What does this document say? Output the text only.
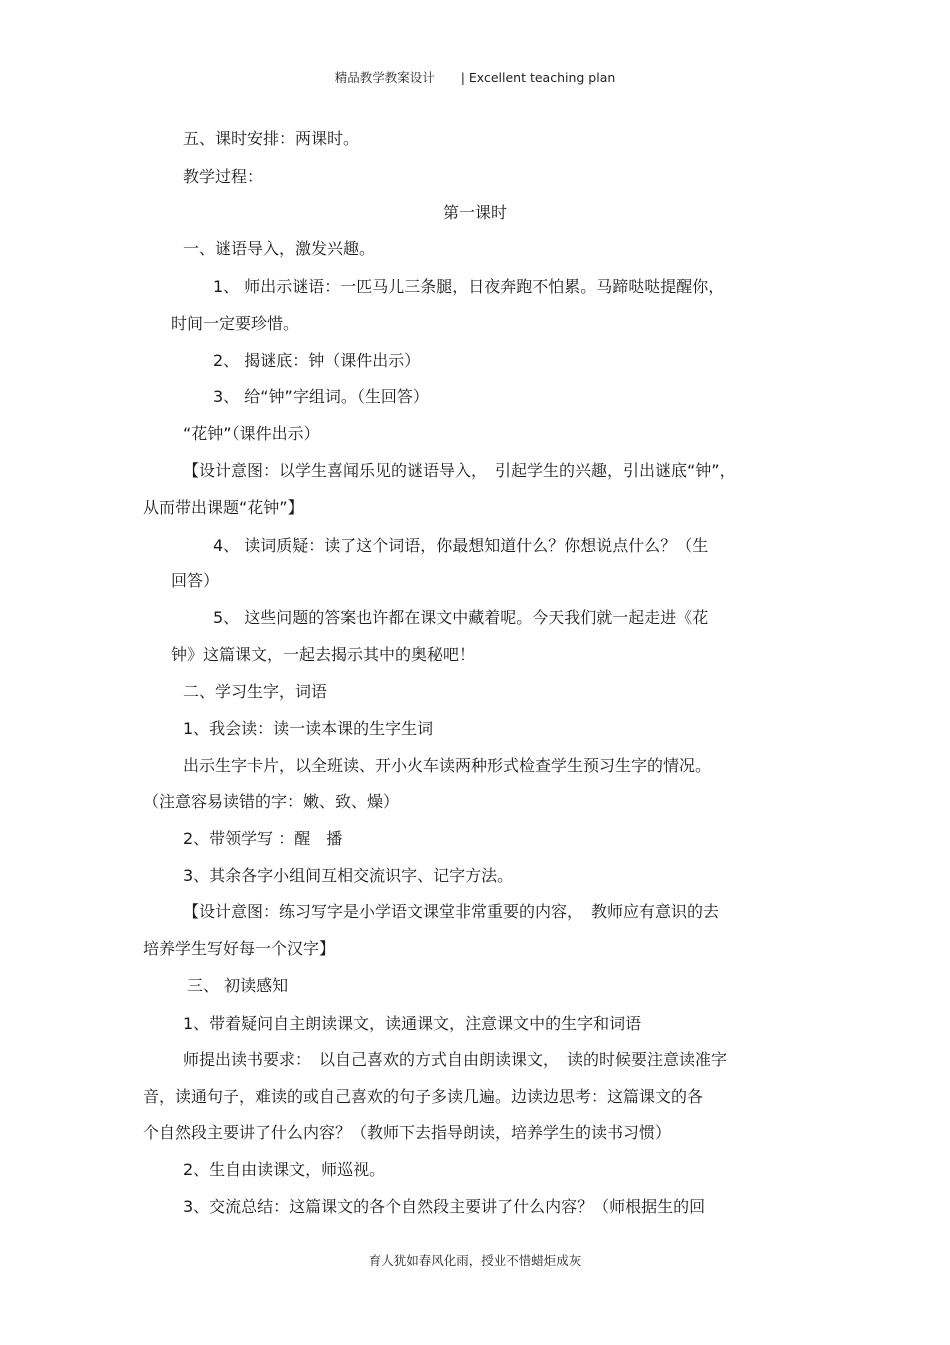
精品教学教案设计 | Excellent teaching plan
五、课时安排：两课时。
教学过程：
第一课时
一、谜语导入，激发兴趣。
1、 师出示谜语：一匹马儿三条腿，日夜奔跑不怕累。马蹄哒哒提醒你，
时间一定要珍惜。
2、 揭谜底：钟（课件出示）
3、 给“钟”字组词。（生回答）
“花钟”（课件出示）
【设计意图：以学生喜闻乐见的谜语导入，　引起学生的兴趣，引出谜底“钟”，
从而带出课题“花钟”】
4、 读词质疑：读了这个词语，你最想知道什么？你想说点什么？（生
回答）
5、 这些问题的答案也许都在课文中藏着呢。今天我们就一起走进《花
钟》这篇课文，一起去揭示其中的奥秘吧！
二、学习生字，词语
1、我会读：读一读本课的生字生词
出示生字卡片，以全班读、开小火车读两种形式检查学生预习生字的情况。
（注意容易读错的字：嫩、致、燥）
2、带领学写 ：醒　播
3、其余各字小组间互相交流识字、记字方法。
【设计意图：练习写字是小学语文课堂非常重要的内容，　教师应有意识的去
培养学生写好每一个汉字】
三、 初读感知
1、带着疑问自主朗读课文，读通课文，注意课文中的生字和词语
师提出读书要求：　以自己喜欢的方式自由朗读课文，　读的时候要注意读准字
音，读通句子，难读的或自己喜欢的句子多读几遍。边读边思考：这篇课文的各
个自然段主要讲了什么内容？（教师下去指导朗读，培养学生的读书习惯）
2、生自由读课文，师巡视。
3、交流总结：这篇课文的各个自然段主要讲了什么内容？（师根据生的回
育人犹如春风化雨，授业不惜蜡炬成灰
